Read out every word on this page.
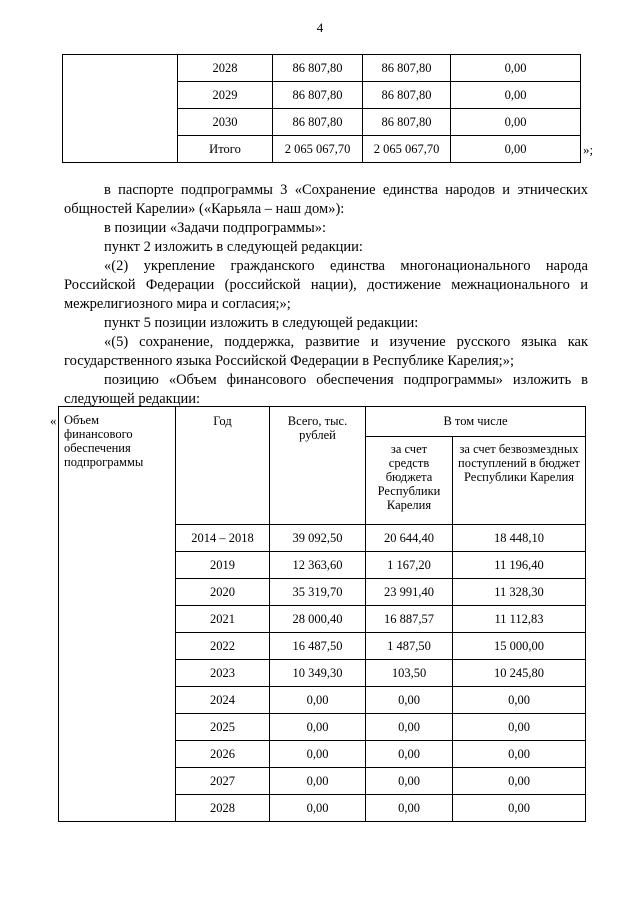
4
	2028	86 807,80	86 807,80	0,00
	2029	86 807,80	86 807,80	0,00
	2030	86 807,80	86 807,80	0,00
	Итого	2 065 067,70	2 065 067,70	0,00	»;

в паспорте подпрограммы 3 «Сохранение единства народов и этнических общностей Карелии» («Карьяла – наш дом»):

в позиции «Задачи подпрограммы»:

пункт 2 изложить в следующей редакции:

«(2) укрепление гражданского единства многонационального народа Российской Федерации (российской нации), достижение межнационального и межрелигиозного мира и согласия;»;

пункт 5 позиции изложить в следующей редакции:

«(5) сохранение, поддержка, развитие и изучение русского языка как государственного языка Российской Федерации в Республике Карелия;»;

позицию «Объем финансового обеспечения подпрограммы» изложить в следующей редакции:

« Объем финансового обеспечения подпрограммы	Год	Всего, тыс. рублей	В том числе	
			за счет средств бюджета Республики Карелия	за счет безвозмездных поступлений в бюджет Республики Карелия
	2014 – 2018	39 092,50	20 644,40	18 448,10
	2019	12 363,60	1 167,20	11 196,40
	2020	35 319,70	23 991,40	11 328,30
	2021	28 000,40	16 887,57	11 112,83
	2022	16 487,50	1 487,50	15 000,00
	2023	10 349,30	103,50	10 245,80
	2024	0,00	0,00	0,00
	2025	0,00	0,00	0,00
	2026	0,00	0,00	0,00
	2027	0,00	0,00	0,00
	2028	0,00	0,00	0,00
